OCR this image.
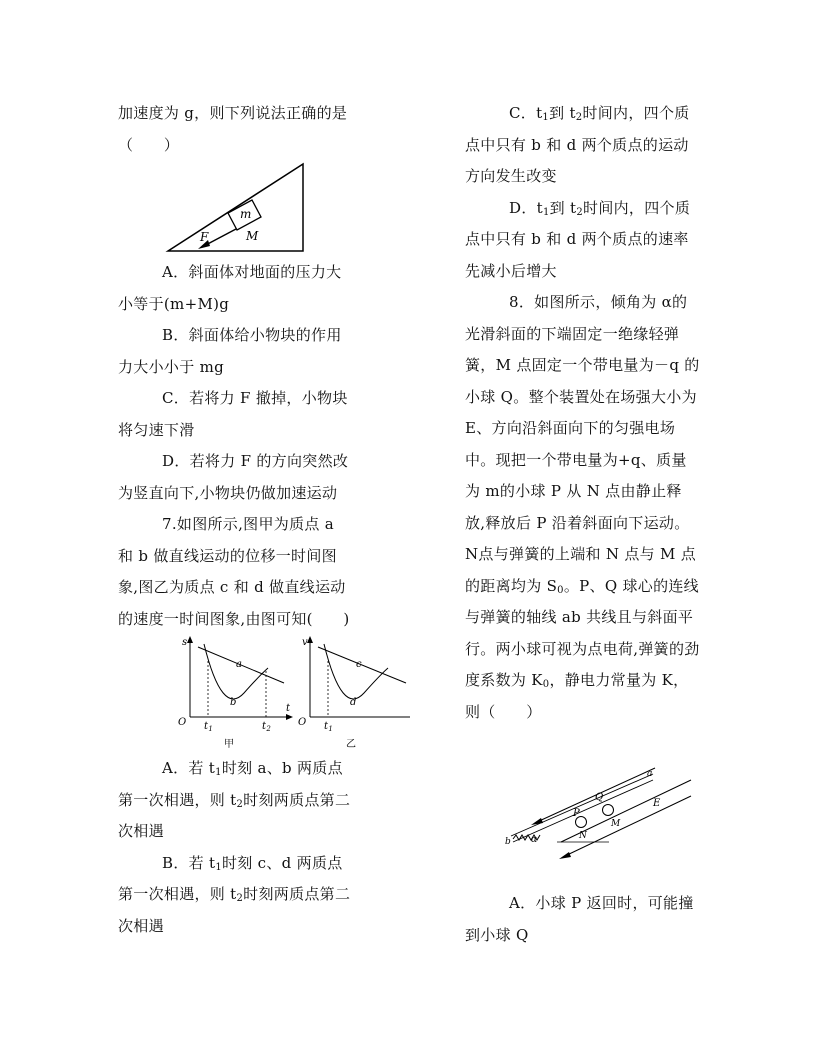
加速度为 g，则下列说法正确的是

（　　）

m
F	M

A．斜面体对地面的压力大小等于(m+M)g

B．斜面体给小物块的作用力大小小于 mg

C．若将力 F 撤掉，小物块将匀速下滑

D．若将力 F 的方向突然改为竖直向下,小物块仍做加速运动

7.如图所示,图甲为质点 a 和 b 做直线运动的位移一时间图象,图乙为质点 c 和 d 做直线运动的速度一时间图象,由图可知(　　)

s
t
O
a
b
$t_1$	$t_2$
甲
v
O
c
d
$t_1$
乙

A．若 $t_1$时刻 a、b 两质点第一次相遇，则 $t_2$时刻两质点第二次相遇

B．若 $t_1$时刻 c、d 两质点第一次相遇，则 $t_2$时刻两质点第二次相遇

C．$t_1$到 $t_2$时间内，四个质点中只有 b 和 d 两个质点的运动方向发生改变

D．$t_1$到 $t_2$时间内，四个质点中只有 b 和 d 两个质点的速率先减小后增大

8．如图所示，倾角为 α的光滑斜面的下端固定一绝缘轻弹簧，M 点固定一个带电量为－q 的小球 Q。整个装置处在场强大小为 E、方向沿斜面向下的匀强电场中。现把一个带电量为+q、质量为 m的小球 P 从 N 点由静止释放,释放后 P 沿着斜面向下运动。N点与弹簧的上端和 N 点与 M 点的距离均为 $S_0$。P、Q 球心的连线与弹簧的轴线 ab 共线且与斜面平行。两小球可视为点电荷,弹簧的劲度系数为 $K_0$，静电力常量为 K，则（　　）

P
Q
a
b
N
M
E
α

A．小球 P 返回时，可能撞到小球 Q
